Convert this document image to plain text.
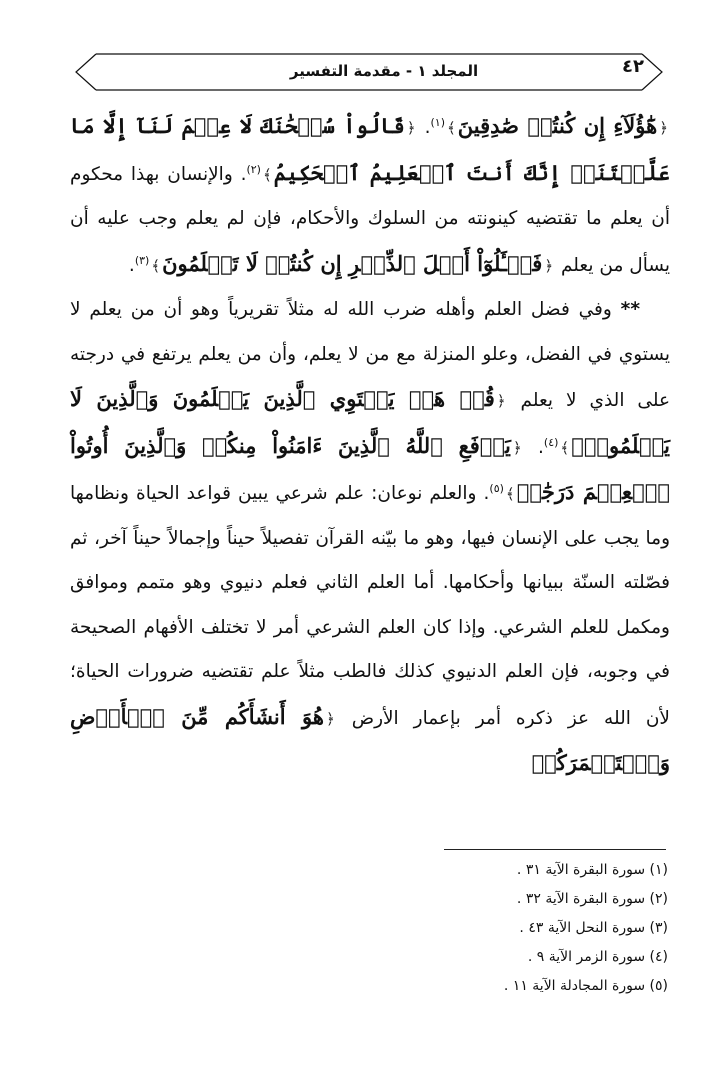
٤٢
المجلد ١ - مقدمة التفسير

﴿هَٰٓؤُلَآءِ إِن كُنتُمۡ صَٰدِقِينَ﴾$^{(١)}$. ﴿قَالُواْ سُبۡحَٰنَكَ لَا عِلۡمَ لَنَآ إِلَّا مَا عَلَّمۡتَنَآۖ إِنَّكَ أَنتَ ٱلۡعَلِيمُ ٱلۡحَكِيمُ﴾$^{(٢)}$. والإنسان بهذا محكوم أن يعلم ما تقتضيه كينونته من السلوك والأحكام، فإن لم يعلم وجب عليه أن يسأل من يعلم ﴿فَسۡـَٔلُوٓاْ أَهۡلَ ٱلذِّكۡرِ إِن كُنتُمۡ لَا تَعۡلَمُونَ﴾$^{(٣)}$.

** وفي فضل العلم وأهله ضرب الله له مثلاً تقريرياً وهو أن من يعلم لا يستوي في الفضل، وعلو المنزلة مع من لا يعلم، وأن من يعلم يرتفع في درجته على الذي لا يعلم ﴿قُلۡ هَلۡ يَسۡتَوِي ٱلَّذِينَ يَعۡلَمُونَ وَٱلَّذِينَ لَا يَعۡلَمُونَۗ﴾$^{(٤)}$. ﴿يَرۡفَعِ ٱللَّهُ ٱلَّذِينَ ءَامَنُواْ مِنكُمۡ وَٱلَّذِينَ أُوتُواْ ٱلۡعِلۡمَ دَرَجَٰتٖ﴾$^{(٥)}$. والعلم نوعان: علم شرعي يبين قواعد الحياة ونظامها وما يجب على الإنسان فيها، وهو ما بيّنه القرآن تفصيلاً حيناً وإجمالاً حيناً آخر، ثم فصّلته السنّة ببيانها وأحكامها. أما العلم الثاني فعلم دنيوي وهو متمم وموافق ومكمل للعلم الشرعي. وإذا كان العلم الشرعي أمر لا تختلف الأفهام الصحيحة في وجوبه، فإن العلم الدنيوي كذلك فالطب مثلاً علم تقتضيه ضرورات الحياة؛ لأن الله عز ذكره أمر بإعمار الأرض ﴿هُوَ أَنشَأَكُم مِّنَ ٱلۡأَرۡضِ وَٱسۡتَعۡمَرَكُمۡ

(١) سورة البقرة الآية ٣١ .
(٢) سورة البقرة الآية ٣٢ .
(٣) سورة النحل الآية ٤٣ .
(٤) سورة الزمر الآية ٩ .
(٥) سورة المجادلة الآية ١١ .
